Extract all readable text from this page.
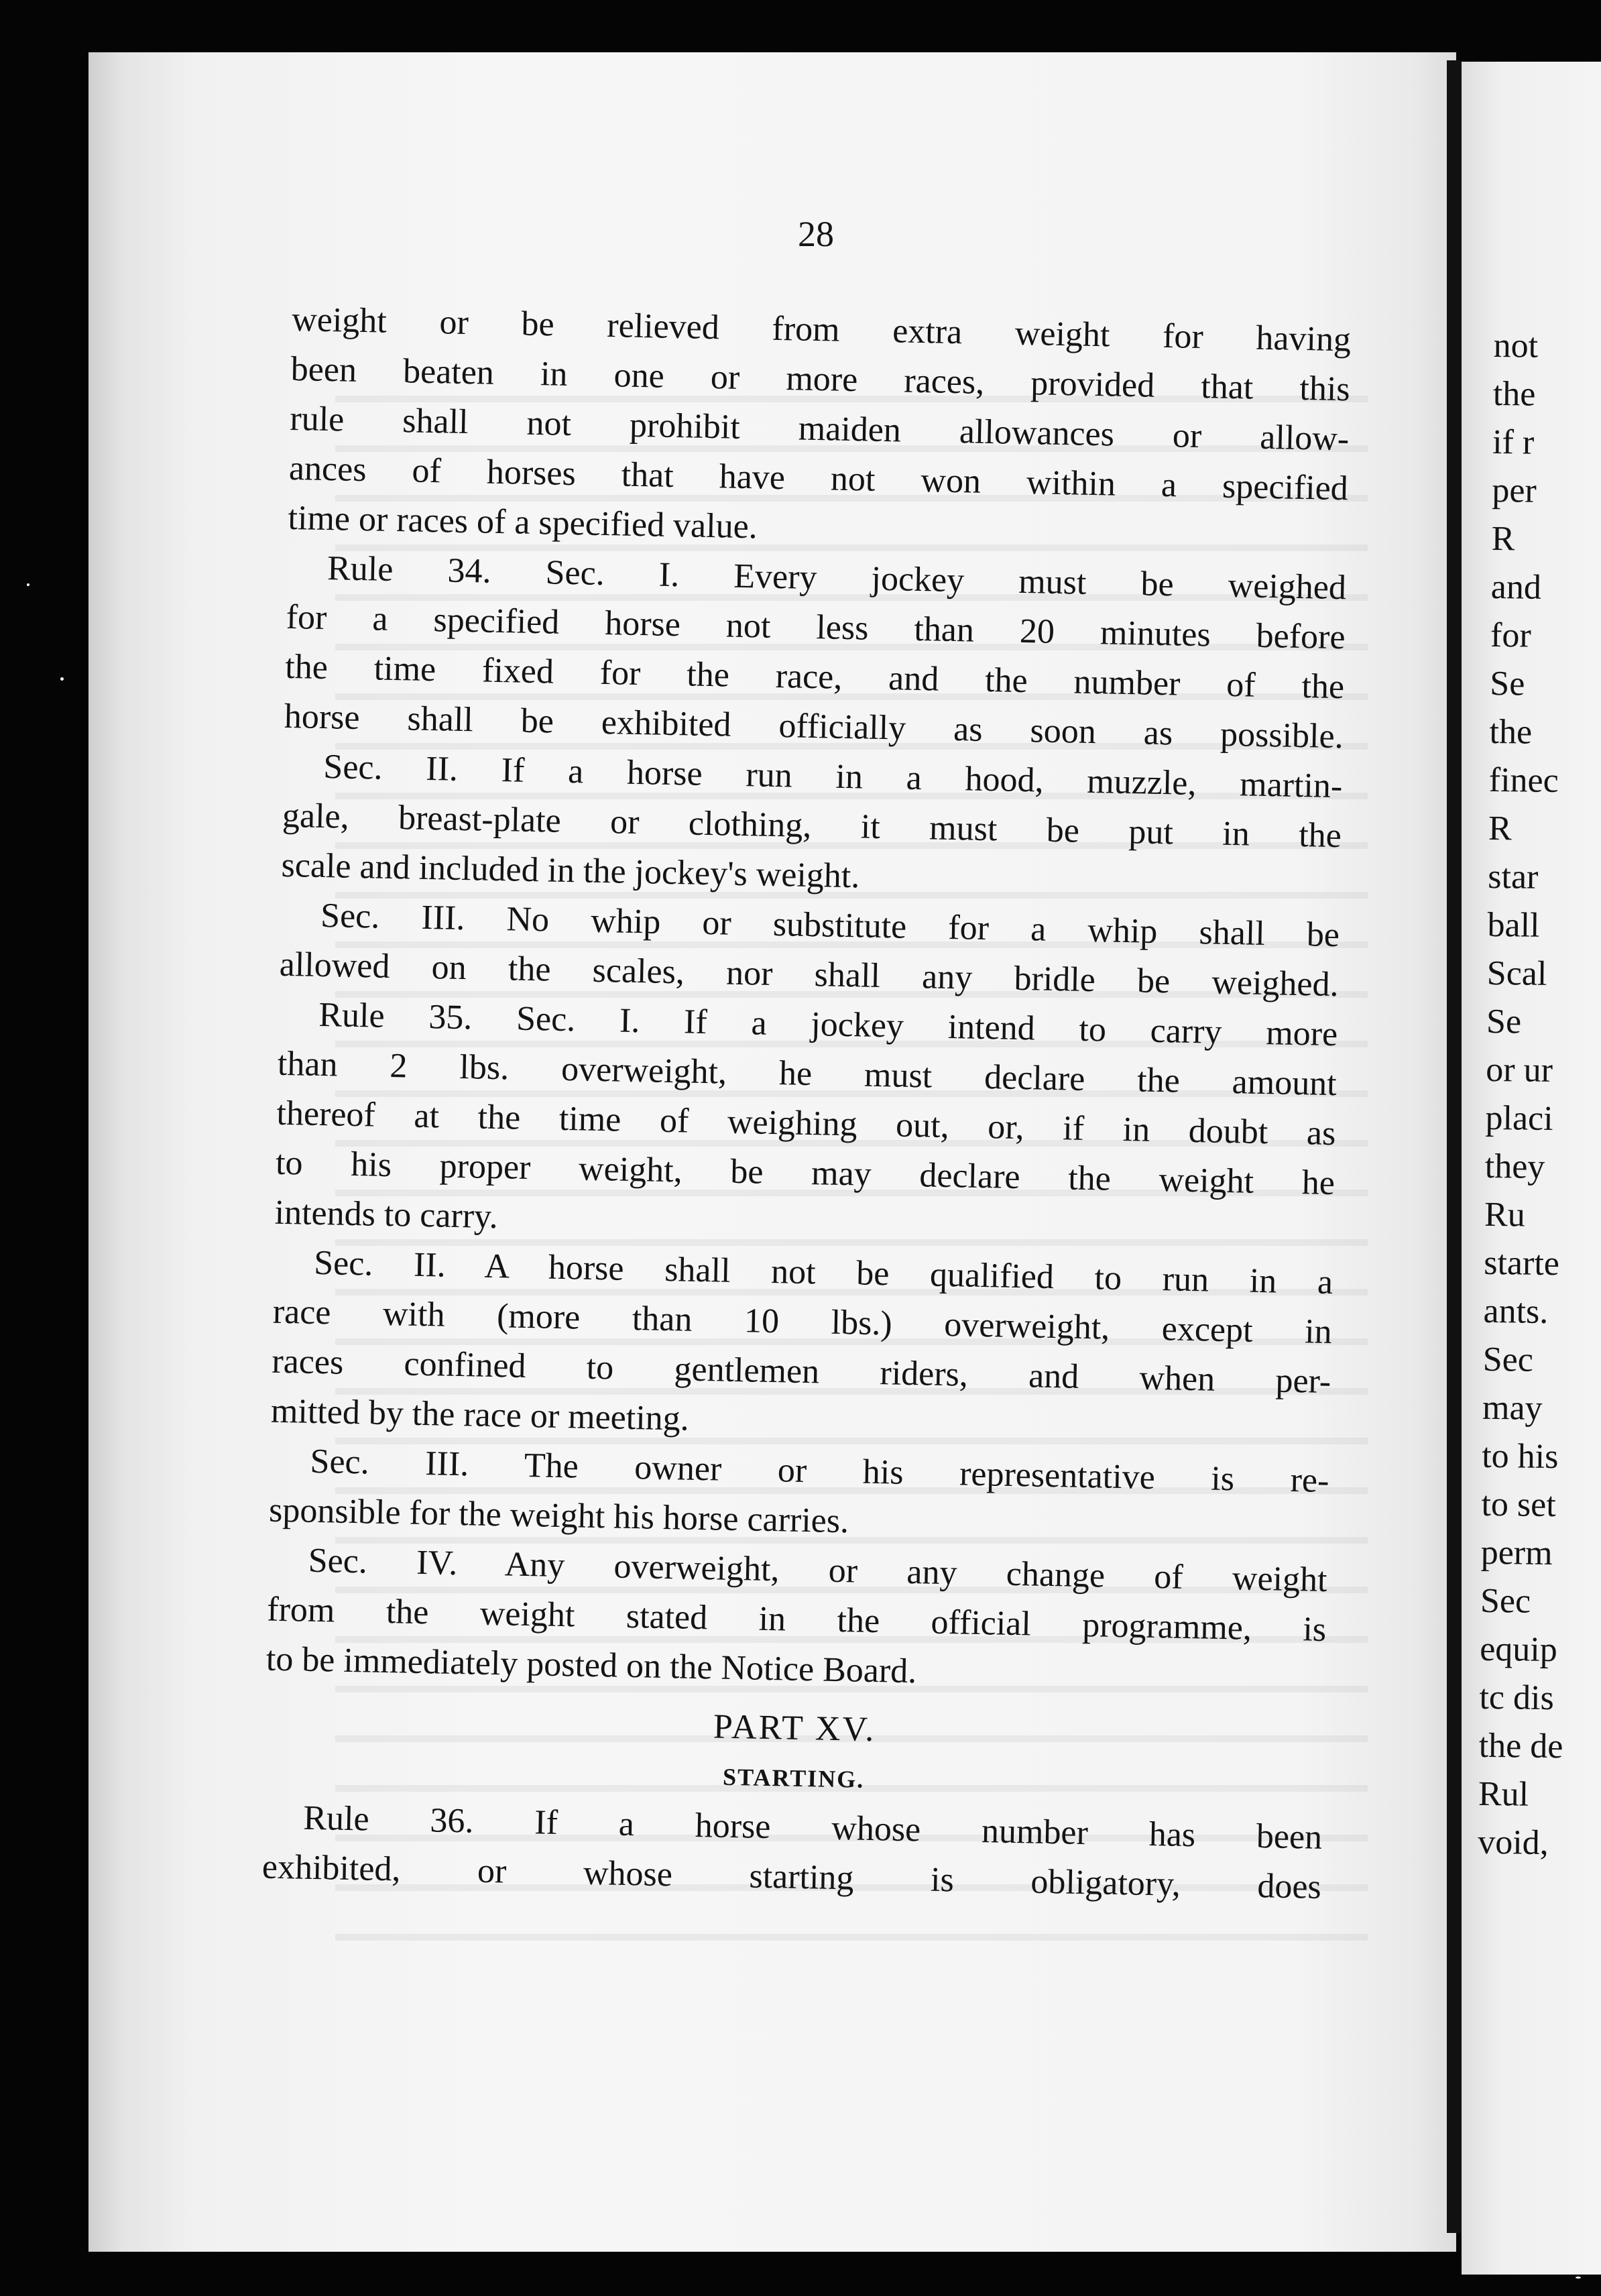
28
weight or be relieved from extra weight for having
been beaten in one or more races, provided that this
rule shall not prohibit maiden allowances or allow-
ances of horses that have not won within a specified
time or races of a specified value.
Rule 34. Sec. I. Every jockey must be weighed
for a specified horse not less than 20 minutes before
the time fixed for the race, and the number of the
horse shall be exhibited officially as soon as possible.
Sec. II. If a horse run in a hood, muzzle, martin-
gale, breast-plate or clothing, it must be put in the
scale and included in the jockey's weight.
Sec. III. No whip or substitute for a whip shall be
allowed on the scales, nor shall any bridle be weighed.
Rule 35. Sec. I. If a jockey intend to carry more
than 2 lbs. overweight, he must declare the amount
thereof at the time of weighing out, or, if in doubt as
to his proper weight, be may declare the weight he
intends to carry.
Sec. II. A horse shall not be qualified to run in a
race with (more than 10 lbs.) overweight, except in
races confined to gentlemen riders, and when per-
mitted by the race or meeting.
Sec. III. The owner or his representative is re-
sponsible for the weight his horse carries.
Sec. IV. Any overweight, or any change of weight
from the weight stated in the official programme, is
to be immediately posted on the Notice Board.
PART XV.
STARTING.
Rule 36. If a horse whose number has been
exhibited, or whose starting is obligatory, does
not
the
if r
per
R
and
for
Se
the
finec
R
star
ball
Scal
Se
or ur
placi
they
Ru
starte
ants.
Sec
may
to his
to set
perm
Sec
equip
tc dis
the de
Rul
void,
